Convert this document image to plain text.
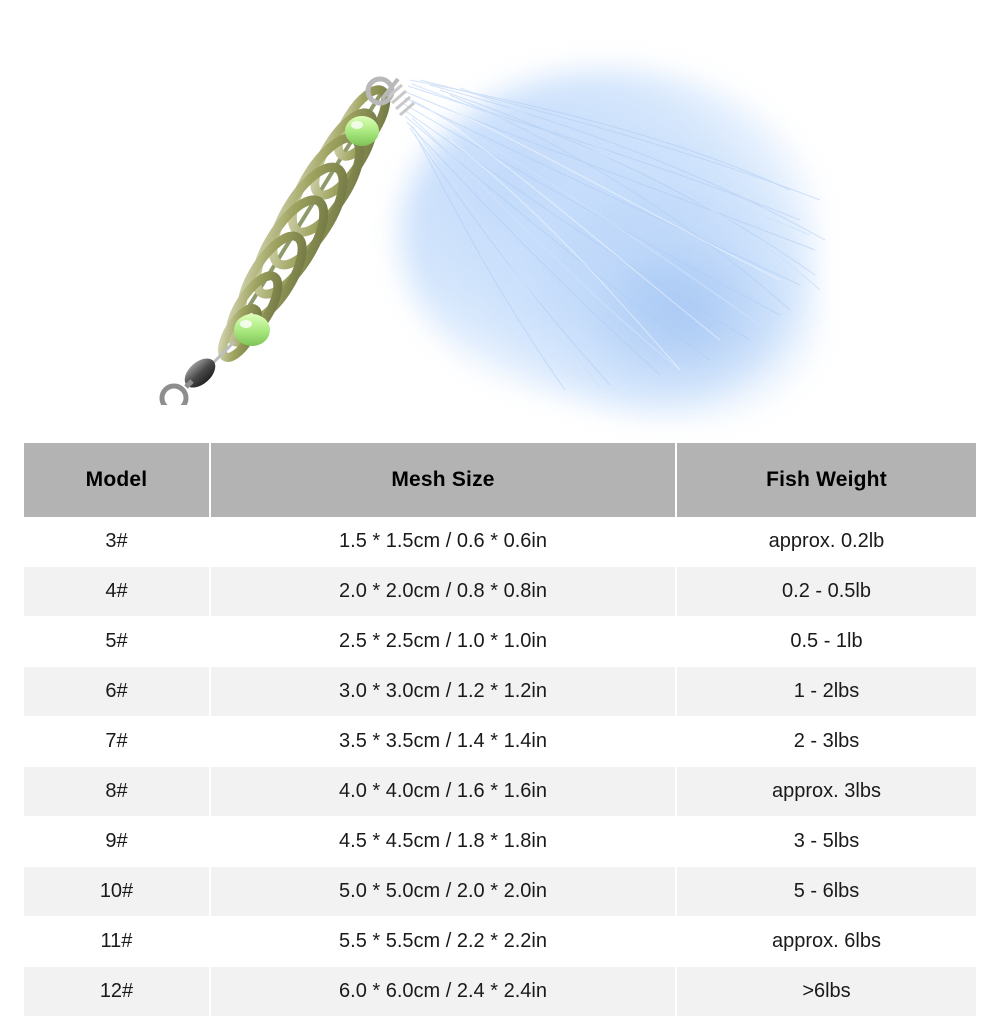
Model	Mesh Size	Fish Weight
3#	1.5 * 1.5cm / 0.6 * 0.6in	approx. 0.2lb
4#	2.0 * 2.0cm / 0.8 * 0.8in	0.2 - 0.5lb
5#	2.5 * 2.5cm / 1.0 * 1.0in	0.5 - 1lb
6#	3.0 * 3.0cm / 1.2 * 1.2in	1 - 2lbs
7#	3.5 * 3.5cm / 1.4 * 1.4in	2 - 3lbs
8#	4.0 * 4.0cm / 1.6 * 1.6in	approx. 3lbs
9#	4.5 * 4.5cm / 1.8 * 1.8in	3 - 5lbs
10#	5.0 * 5.0cm / 2.0 * 2.0in	5 - 6lbs
11#	5.5 * 5.5cm / 2.2 * 2.2in	approx. 6lbs
12#	6.0 * 6.0cm / 2.4 * 2.4in	>6lbs
